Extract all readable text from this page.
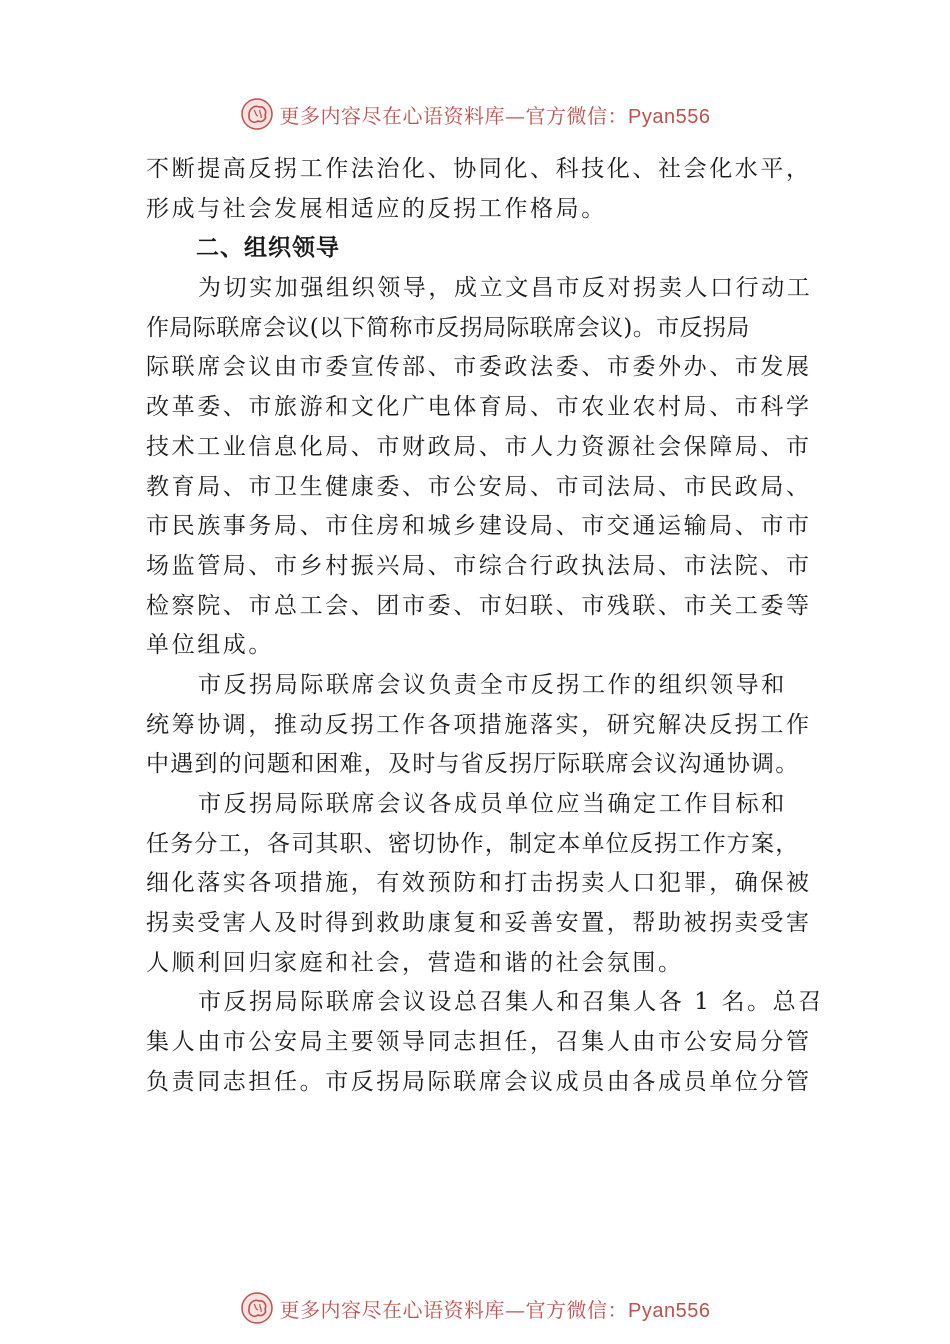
更多内容尽在心语资料库—官方微信：Pyan556
不断提高反拐工作法治化、协同化、科技化、社会化水平，
形成与社会发展相适应的反拐工作格局。
二、组织领导
为切实加强组织领导，成立文昌市反对拐卖人口行动工
作局际联席会议(以下简称市反拐局际联席会议)。市反拐局
际联席会议由市委宣传部、市委政法委、市委外办、市发展
改革委、市旅游和文化广电体育局、市农业农村局、市科学
技术工业信息化局、市财政局、市人力资源社会保障局、市
教育局、市卫生健康委、市公安局、市司法局、市民政局、
市民族事务局、市住房和城乡建设局、市交通运输局、市市
场监管局、市乡村振兴局、市综合行政执法局、市法院、市
检察院、市总工会、团市委、市妇联、市残联、市关工委等
单位组成。
市反拐局际联席会议负责全市反拐工作的组织领导和
统筹协调，推动反拐工作各项措施落实，研究解决反拐工作
中遇到的问题和困难，及时与省反拐厅际联席会议沟通协调。
市反拐局际联席会议各成员单位应当确定工作目标和
任务分工，各司其职、密切协作，制定本单位反拐工作方案，
细化落实各项措施，有效预防和打击拐卖人口犯罪，确保被
拐卖受害人及时得到救助康复和妥善安置，帮助被拐卖受害
人顺利回归家庭和社会，营造和谐的社会氛围。
市反拐局际联席会议设总召集人和召集人各 1 名。总召
集人由市公安局主要领导同志担任，召集人由市公安局分管
负责同志担任。市反拐局际联席会议成员由各成员单位分管
更多内容尽在心语资料库—官方微信：Pyan556
